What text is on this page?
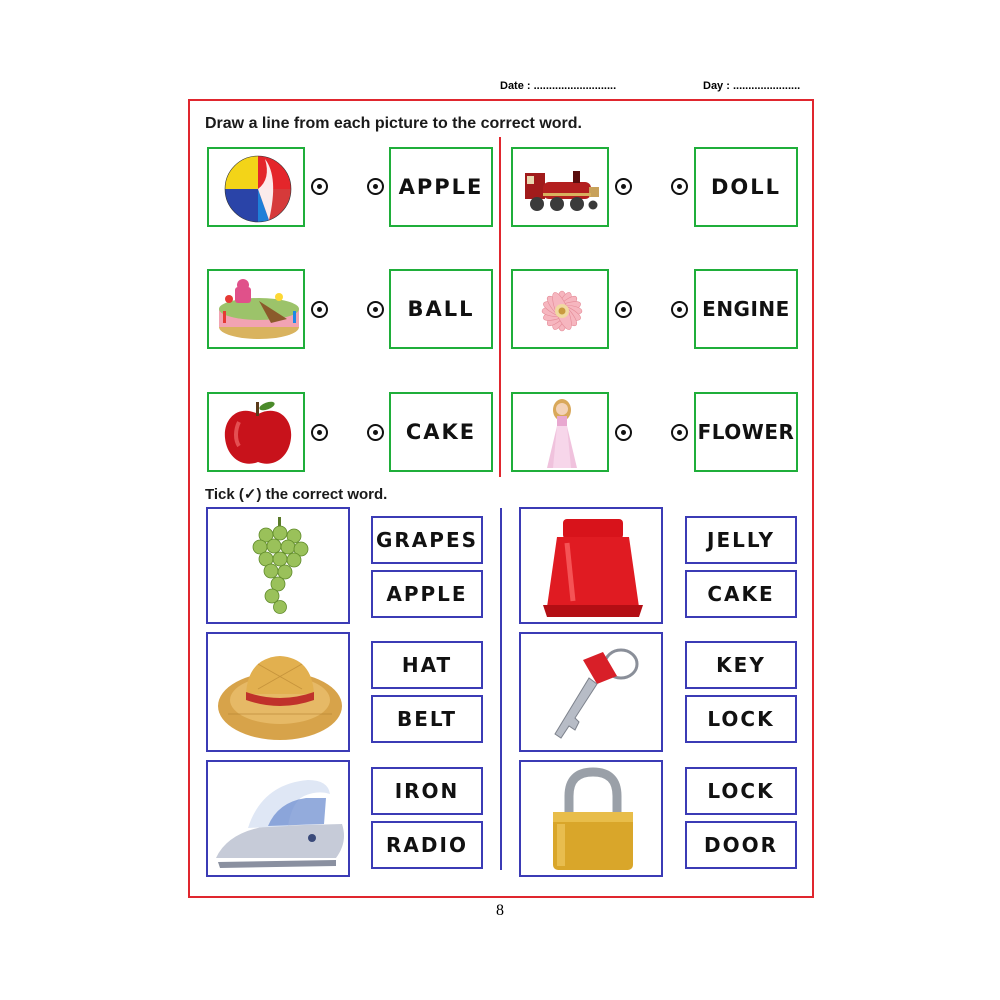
Date : ...........................	Day : ......................
Draw a line from each picture to the correct word.
APPLE	DOLL
BALL	ENGINE
CAKE	FLOWER
Tick (✓) the correct word.
GRAPES
APPLE
HAT
BELT
IRON
RADIO
JELLY
CAKE
KEY
LOCK
LOCK
DOOR
8
